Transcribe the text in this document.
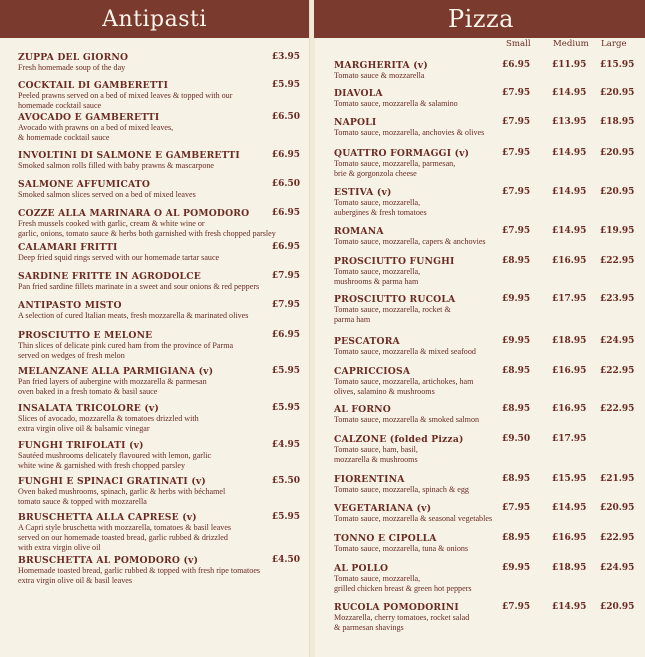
Antipasti
ZUPPA DEL GIORNO	£3.95
Fresh homemade soup of the day
COCKTAIL DI GAMBERETTI	£5.95
Peeled prawns served on a bed of mixed leaves & topped with our
homemade cocktail sauce
AVOCADO E GAMBERETTI	£6.50
Avocado with prawns on a bed of mixed leaves,
& homemade cocktail sauce
INVOLTINI DI SALMONE E GAMBERETTI	£6.95
Smoked salmon rolls filled with baby prawns & mascarpone
SALMONE AFFUMICATO	£6.50
Smoked salmon slices served on a bed of mixed leaves
COZZE ALLA MARINARA O AL POMODORO	£6.95
Fresh mussels cooked with garlic, cream & white wine or
garlic, onions, tomato sauce & herbs both garnished with fresh chopped parsley
CALAMARI FRITTI	£6.95
Deep fried squid rings served with our homemade tartar sauce
SARDINE FRITTE IN AGRODOLCE	£7.95
Pan fried sardine fillets marinate in a sweet and sour onions & red peppers
ANTIPASTO MISTO	£7.95
A selection of cured Italian meats, fresh mozzarella & marinated olives
PROSCIUTTO E MELONE	£6.95
Thin slices of delicate pink cured ham from the province of Parma
served on wedges of fresh melon
MELANZANE ALLA PARMIGIANA (v)	£5.95
Pan fried layers of aubergine with mozzarella & parmesan
oven baked in a fresh tomato & basil sauce
INSALATA TRICOLORE (v)	£5.95
Slices of avocado, mozzarella & tomatoes drizzled with
extra virgin olive oil & balsamic vinegar
FUNGHI TRIFOLATI (v)	£4.95
Sautéed mushrooms delicately flavoured with lemon, garlic
white wine & garnished with fresh chopped parsley
FUNGHI E SPINACI GRATINATI (v)	£5.50
Oven baked mushrooms, spinach, garlic & herbs with béchamel
tomato sauce & topped with mozzarella
BRUSCHETTA ALLA CAPRESE (v)	£5.95
A Capri style bruschetta with mozzarella, tomatoes & basil leaves
served on our homemade toasted bread, garlic rubbed & drizzled
with extra virgin olive oil
BRUSCHETTA AL POMODORO (v)	£4.50
Homemade toasted bread, garlic rubbed & topped with fresh ripe tomatoes
extra virgin olive oil & basil leaves
Pizza
Small	Medium Large
MARGHERITA (v)	£6.95 £11.95 £15.95
Tomato sauce & mozzarella
DIAVOLA	£7.95 £14.95 £20.95
Tomato sauce, mozzarella & salamino
NAPOLI	£7.95 £13.95 £18.95
Tomato sauce, mozzarella, anchovies & olives
QUATTRO FORMAGGI (v)	£7.95 £14.95 £20.95
Tomato sauce, mozzarella, parmesan,
brie & gorgonzola cheese
ESTIVA (v)	£7.95 £14.95 £20.95
Tomato sauce, mozzarella,
aubergines & fresh tomatoes
ROMANA	£7.95 £14.95 £19.95
Tomato sauce, mozzarella, capers & anchovies
PROSCIUTTO FUNGHI	£8.95 £16.95 £22.95
Tomato sauce, mozzarella,
mushrooms & parma ham
PROSCIUTTO RUCOLA	£9.95 £17.95 £23.95
Tomato sauce, mozzarella, rocket &
parma ham
PESCATORA	£9.95 £18.95 £24.95
Tomato sauce, mozzarella & mixed seafood
CAPRICCIOSA	£8.95 £16.95 £22.95
Tomato sauce, mozzarella, artichokes, ham
olives, salamino & mushrooms
AL FORNO	£8.95 £16.95 £22.95
Tomato sauce, mozzarella & smoked salmon
CALZONE (folded Pizza)	£9.50 £17.95
Tomato sauce, ham, basil,
mozzarella & mushrooms
FIORENTINA	£8.95 £15.95 £21.95
Tomato sauce, mozzarella, spinach & egg
VEGETARIANA (v)	£7.95 £14.95 £20.95
Tomato sauce, mozzarella & seasonal vegetables
TONNO E CIPOLLA	£8.95 £16.95 £22.95
Tomato sauce, mozzarella, tuna & onions
AL POLLO	£9.95 £18.95 £24.95
Tomato sauce, mozzarella,
grilled chicken breast & green hot peppers
RUCOLA POMODORINI	£7.95 £14.95 £20.95
Mozzarella, cherry tomatoes, rocket salad
& parmesan shavings
